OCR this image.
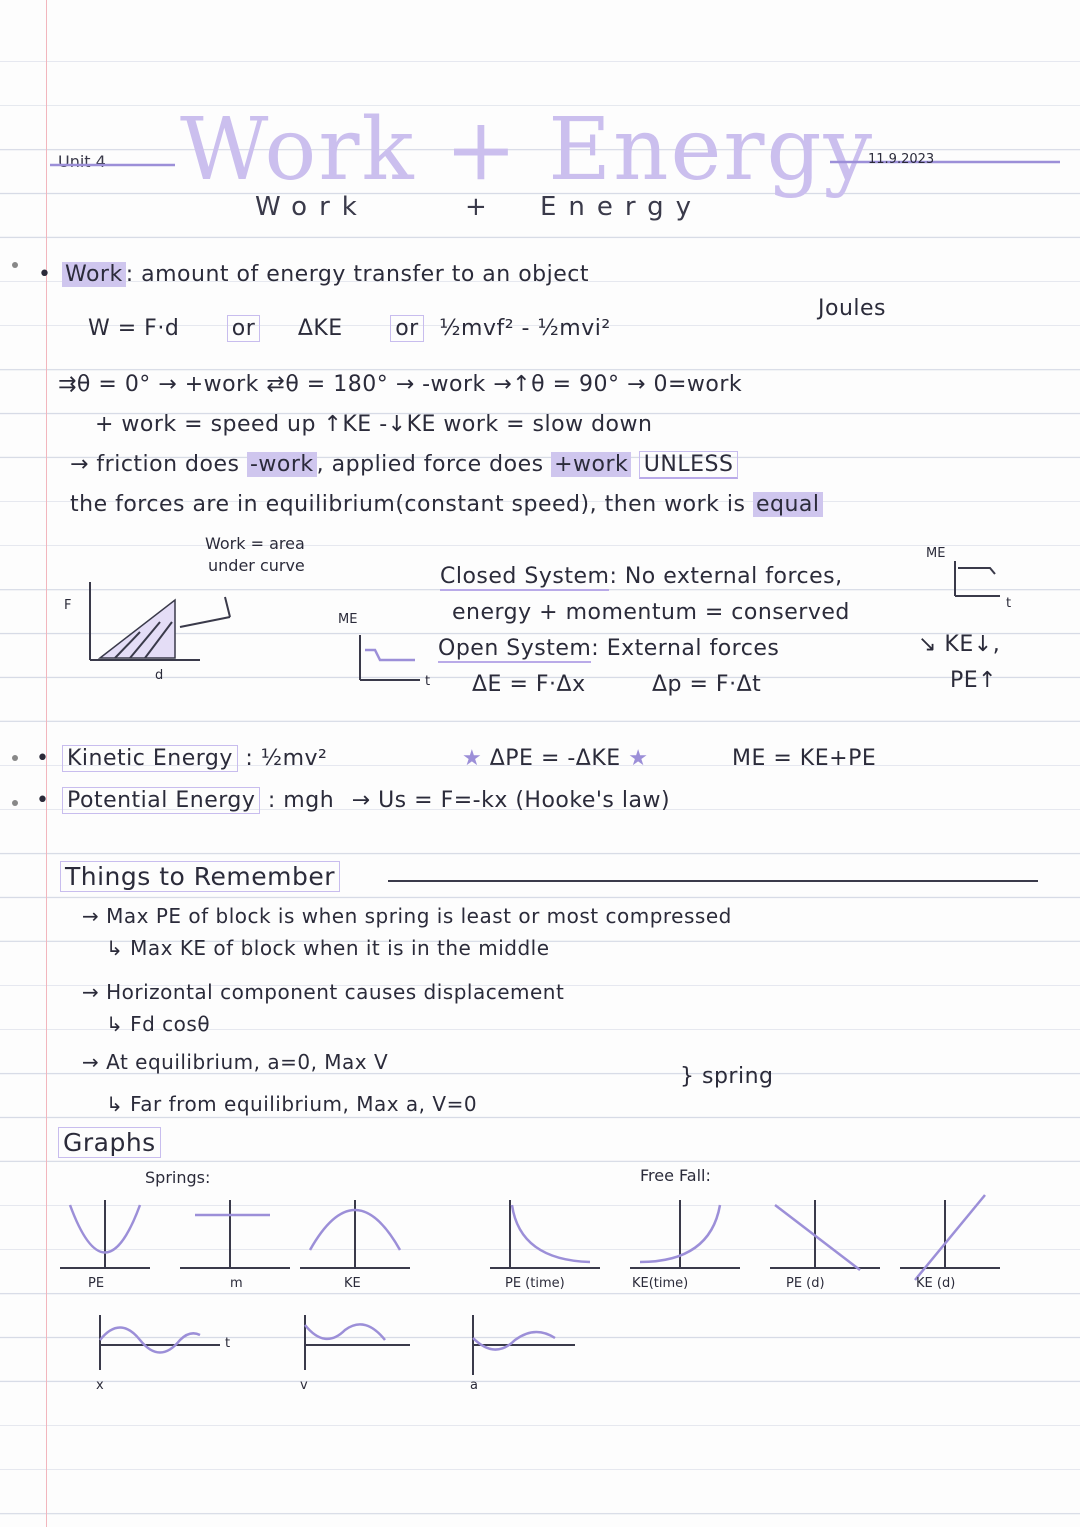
Unit 4 Work + Energy
Work	+ Energy
11.9.2023
• Work : amount of energy transfer to an object
W = F·d or ΔKE or ½mvf² - ½mvi²
Joules
⇉θ = 0° → +work ⇄θ = 180° → -work →↑θ = 90° → 0=work
+ work = speed up ↑KE -↓KE work = slow down
→ friction does -work , applied force does +work UNLESS
the forces are in equilibrium(constant speed), then work is equal
Work = area
under curve
F
d
ME
t
Closed System: No external forces,
energy + momentum = conserved
Open System: External forces
ΔE = F·Δx	Δp = F·Δt
ME
t
↘ KE↓,
PE↑
•
•
Kinetic Energy : ½mv²
Potential Energy : mgh → Us = F=-kx (Hooke's law)
★ ΔPE = -ΔKE ★	ME = KE+PE
Things to Remember
→ Max PE of block is when spring is least or most compressed
↳ Max KE of block when it is in the middle
→ Horizontal component causes displacement
↳ Fd cosθ
→ At equilibrium, a=0, Max V
↳ Far from equilibrium, Max a, V=0
} spring
Graphs
Springs:	Free Fall:
PE	m	KE	PE (time)	KE(time)	PE (d)	KE (d)
t
x	v	a
